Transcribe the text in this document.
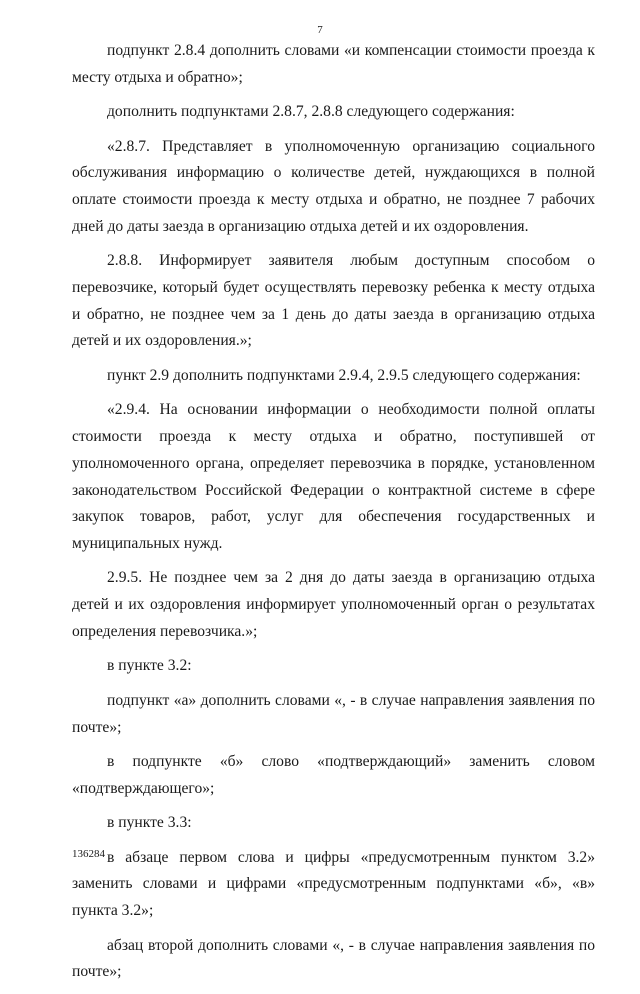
7

подпункт 2.8.4 дополнить словами «и компенсации стоимости проезда к месту отдыха и обратно»;

дополнить подпунктами 2.8.7, 2.8.8 следующего содержания:

«2.8.7. Представляет в уполномоченную организацию социального обслуживания информацию о количестве детей, нуждающихся в полной оплате стоимости проезда к месту отдыха и обратно, не позднее 7 рабочих дней до даты заезда в организацию отдыха детей и их оздоровления.

2.8.8. Информирует заявителя любым доступным способом о перевозчике, который будет осуществлять перевозку ребенка к месту отдыха и обратно, не позднее чем за 1 день до даты заезда в организацию отдыха детей и их оздоровления.»;

пункт 2.9 дополнить подпунктами 2.9.4, 2.9.5 следующего содержания:

«2.9.4. На основании информации о необходимости полной оплаты стоимости проезда к месту отдыха и обратно, поступившей от уполномоченного органа, определяет перевозчика в порядке, установленном законодательством Российской Федерации о контрактной системе в сфере закупок товаров, работ, услуг для обеспечения государственных и муниципальных нужд.

2.9.5. Не позднее чем за 2 дня до даты заезда в организацию отдыха детей и их оздоровления информирует уполномоченный орган о результатах определения перевозчика.»;

в пункте 3.2:

подпункт «а» дополнить словами «, - в случае направления заявления по почте»;

в подпункте «б» слово «подтверждающий» заменить словом «подтверждающего»;

в пункте 3.3:

в абзаце первом слова и цифры «предусмотренным пунктом 3.2» заменить словами и цифрами «предусмотренным подпунктами «б», «в» пункта 3.2»;

абзац второй дополнить словами «, - в случае направления заявления по почте»;

136284
